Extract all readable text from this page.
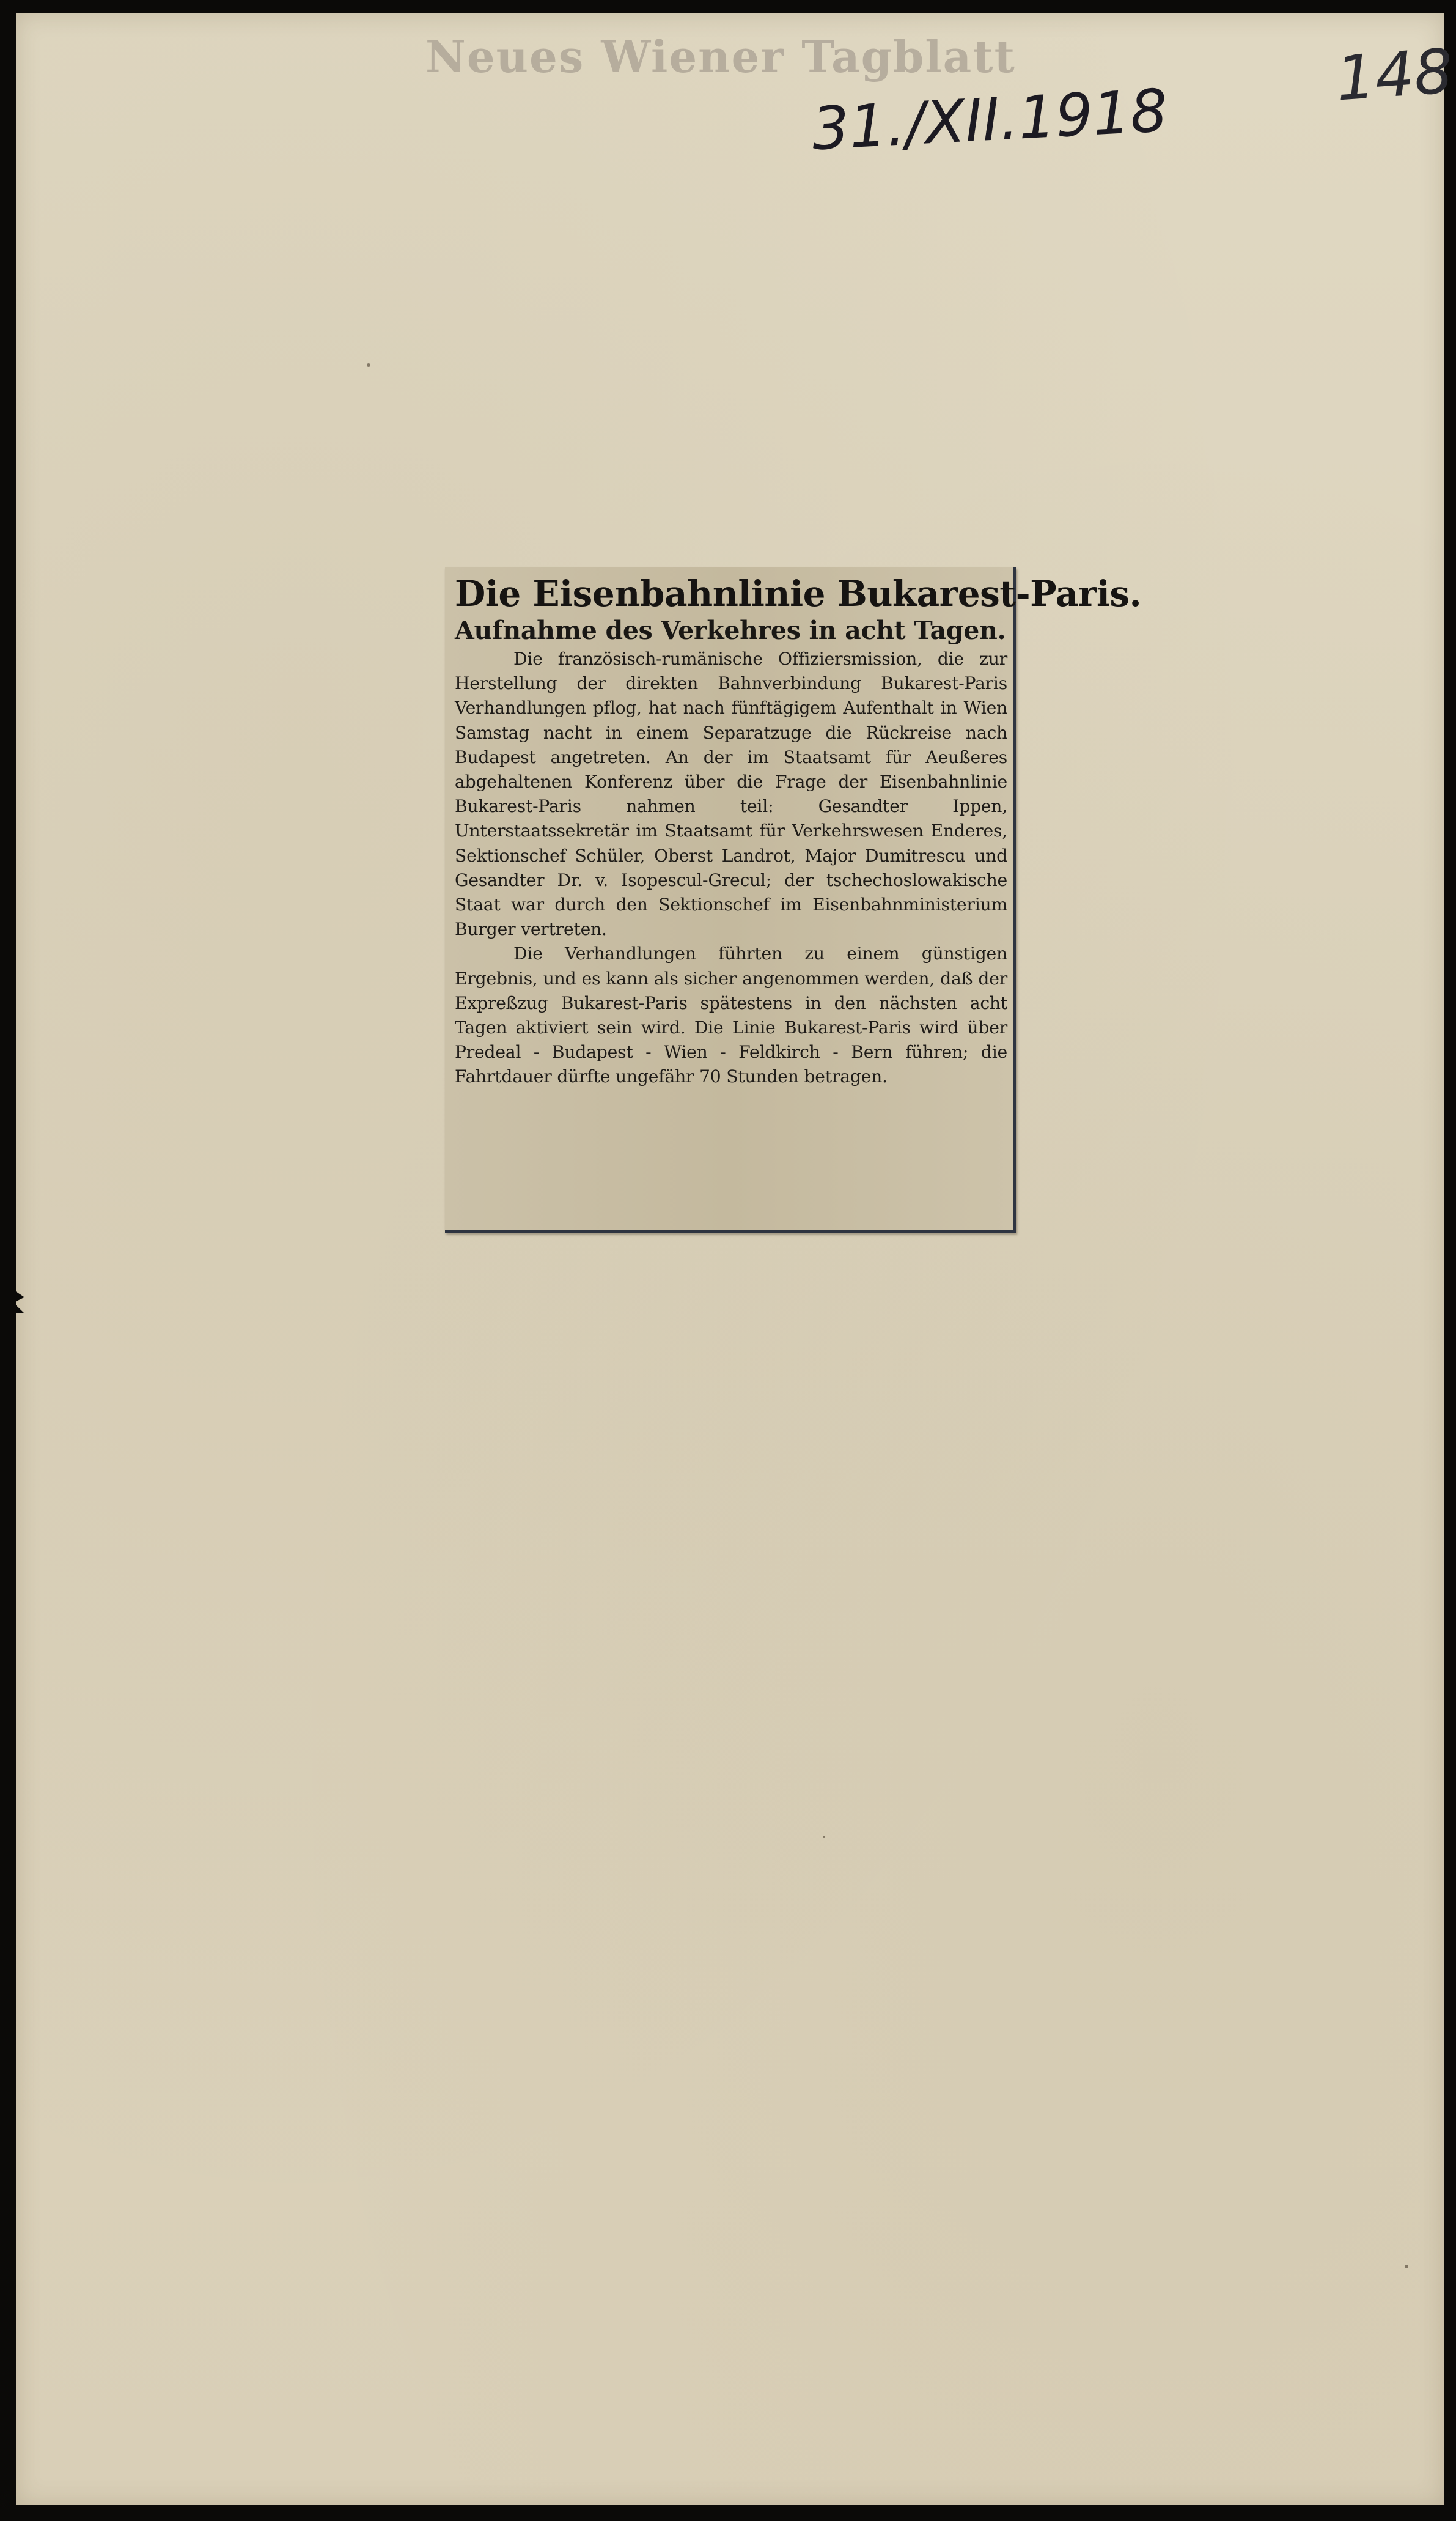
Neues Wiener Tagblatt
31./XII.1918
148
Die Eisenbahnlinie Bukarest-Paris.
Aufnahme des Verkehres in acht Tagen.

Die französisch-rumänische Offiziersmission, die zur Herstellung der direkten Bahnverbindung Bukarest-Paris Verhandlungen pflog, hat nach fünftägigem Aufenthalt in Wien Samstag nacht in einem Separatzuge die Rückreise nach Budapest angetreten. An der im Staatsamt für Aeußeres abgehaltenen Konferenz über die Frage der Eisenbahnlinie Bukarest-Paris nahmen teil: Gesandter Ippen, Unterstaatssekretär im Staatsamt für Verkehrswesen Enderes, Sektionschef Schüler, Oberst Landrot, Major Dumitrescu und Gesandter Dr. v. Isopescul-Grecul; der tschechoslowakische Staat war durch den Sektionschef im Eisenbahnministerium Burger vertreten.

Die Verhandlungen führten zu einem günstigen Ergebnis, und es kann als sicher angenommen werden, daß der Expreßzug Bukarest-Paris spätestens in den nächsten acht Tagen aktiviert sein wird. Die Linie Bukarest-Paris wird über Predeal - Budapest - Wien - Feldkirch - Bern führen; die Fahrtdauer dürfte ungefähr 70 Stunden betragen.
